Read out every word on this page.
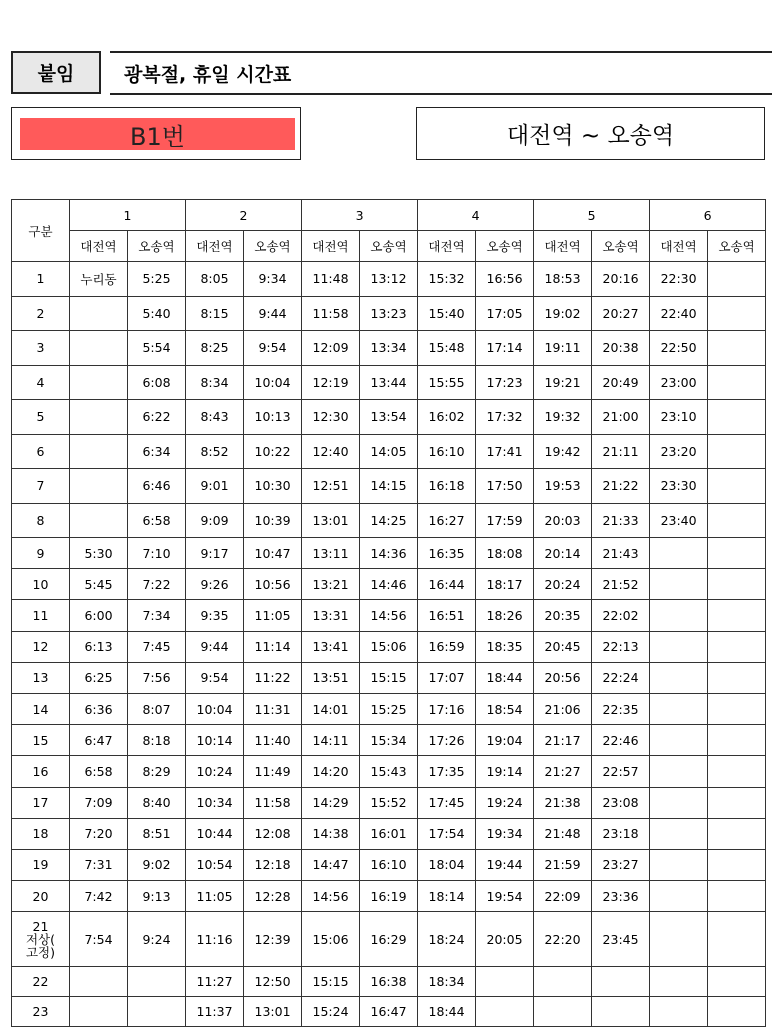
붙임	광복절, 휴일 시간표
B1번	대전역 ~ 오송역
구분	1		2		3		4		5		6	
	대전역	오송역	대전역	오송역	대전역	오송역	대전역	오송역	대전역	오송역	대전역	오송역

1	누리동	5:25	8:05	9:34	11:48	13:12	15:32	16:56	18:53	20:16	22:30	

2		5:40	8:15	9:44	11:58	13:23	15:40	17:05	19:02	20:27	22:40	

3		5:54	8:25	9:54	12:09	13:34	15:48	17:14	19:11	20:38	22:50	

4		6:08	8:34	10:04	12:19	13:44	15:55	17:23	19:21	20:49	23:00	

5		6:22	8:43	10:13	12:30	13:54	16:02	17:32	19:32	21:00	23:10	

6		6:34	8:52	10:22	12:40	14:05	16:10	17:41	19:42	21:11	23:20	

7		6:46	9:01	10:30	12:51	14:15	16:18	17:50	19:53	21:22	23:30	

8		6:58	9:09	10:39	13:01	14:25	16:27	17:59	20:03	21:33	23:40	

9	5:30	7:10	9:17	10:47	13:11	14:36	16:35	18:08	20:14	21:43		

10	5:45	7:22	9:26	10:56	13:21	14:46	16:44	18:17	20:24	21:52		

11	6:00	7:34	9:35	11:05	13:31	14:56	16:51	18:26	20:35	22:02		

12	6:13	7:45	9:44	11:14	13:41	15:06	16:59	18:35	20:45	22:13		

13	6:25	7:56	9:54	11:22	13:51	15:15	17:07	18:44	20:56	22:24		

14	6:36	8:07	10:04	11:31	14:01	15:25	17:16	18:54	21:06	22:35		

15	6:47	8:18	10:14	11:40	14:11	15:34	17:26	19:04	21:17	22:46		

16	6:58	8:29	10:24	11:49	14:20	15:43	17:35	19:14	21:27	22:57		

17	7:09	8:40	10:34	11:58	14:29	15:52	17:45	19:24	21:38	23:08		

18	7:20	8:51	10:44	12:08	14:38	16:01	17:54	19:34	21:48	23:18		

19	7:31	9:02	10:54	12:18	14:47	16:10	18:04	19:44	21:59	23:27		

20	7:42	9:13	11:05	12:28	14:56	16:19	18:14	19:54	22:09	23:36		

21
저상(
고정)	7:54	9:24	11:16	12:39	15:06	16:29	18:24	20:05	22:20	23:45		

22			11:27	12:50	15:15	16:38	18:34					

23			11:37	13:01	15:24	16:47	18:44					
